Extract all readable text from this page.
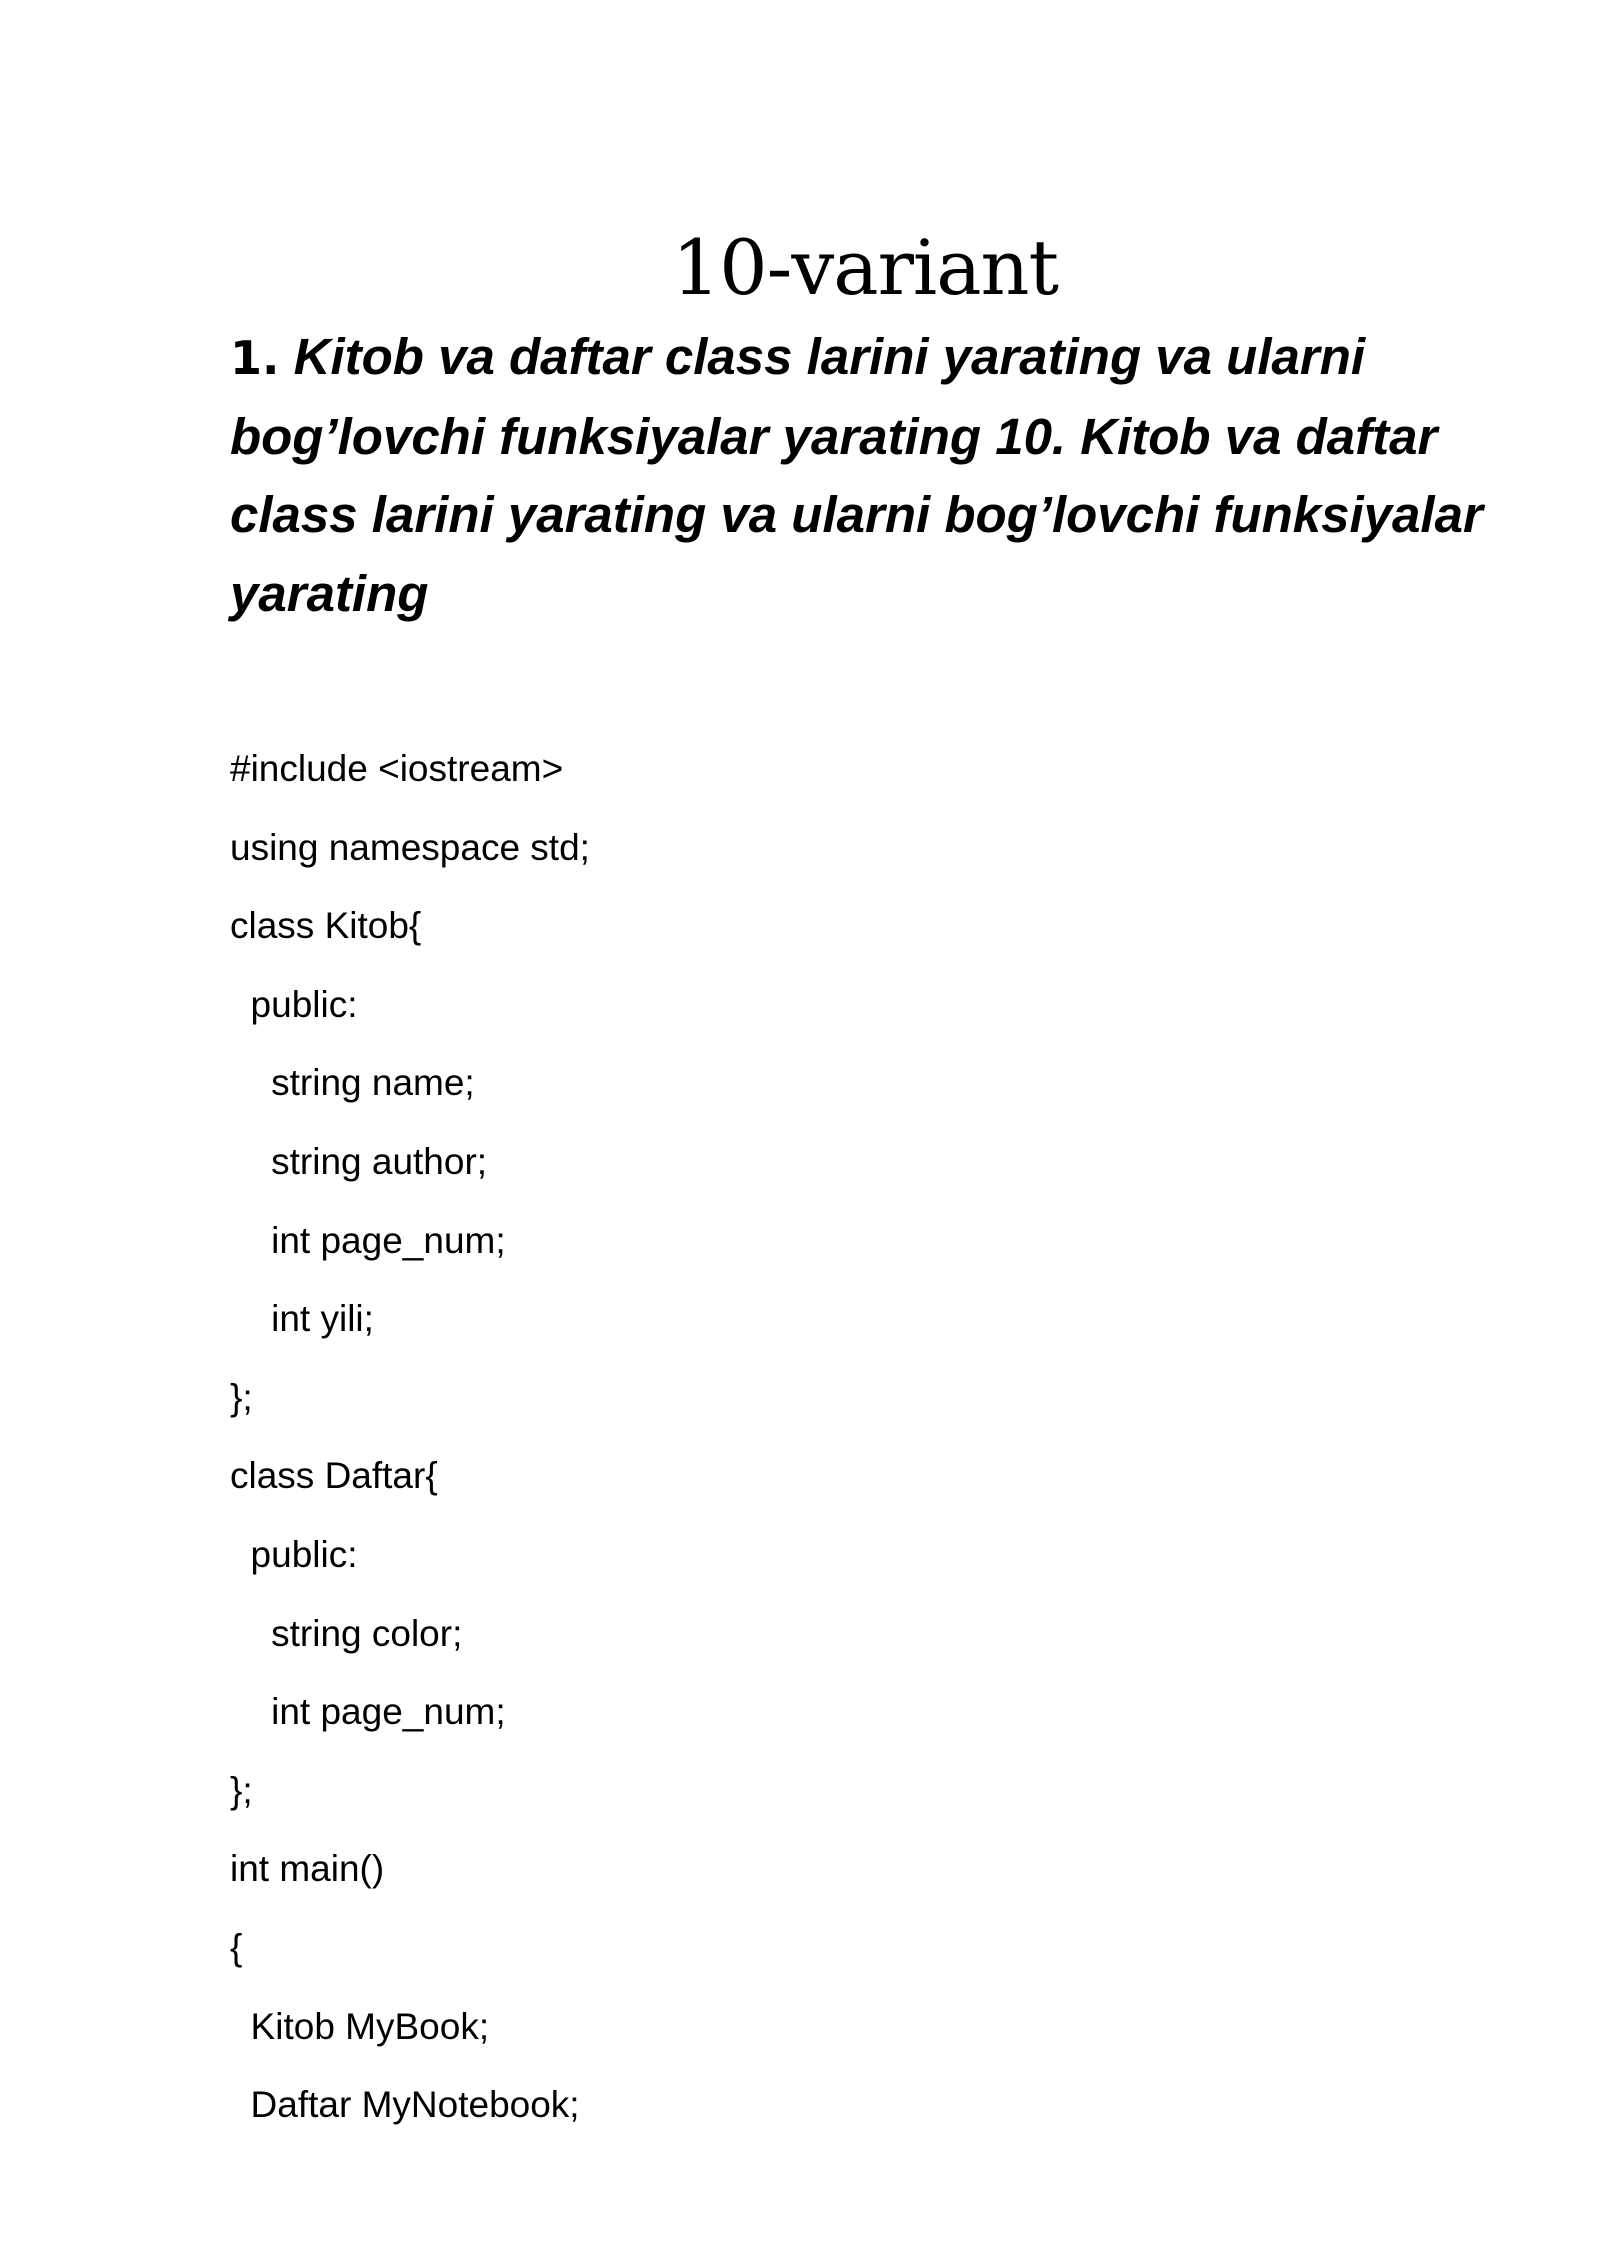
10-variant

1. Kitob va daftar class larini yarating va ularni bog’lovchi funksiyalar yarating 10. Kitob va daftar class larini yarating va ularni bog’lovchi funksiyalar yarating

#include <iostream>
using namespace std;
class Kitob{
public:
string name;
string author;
int page_num;
int yili;
};
class Daftar{
public:
string color;
int page_num;
};
int main()
{
Kitob MyBook;
Daftar MyNotebook;
